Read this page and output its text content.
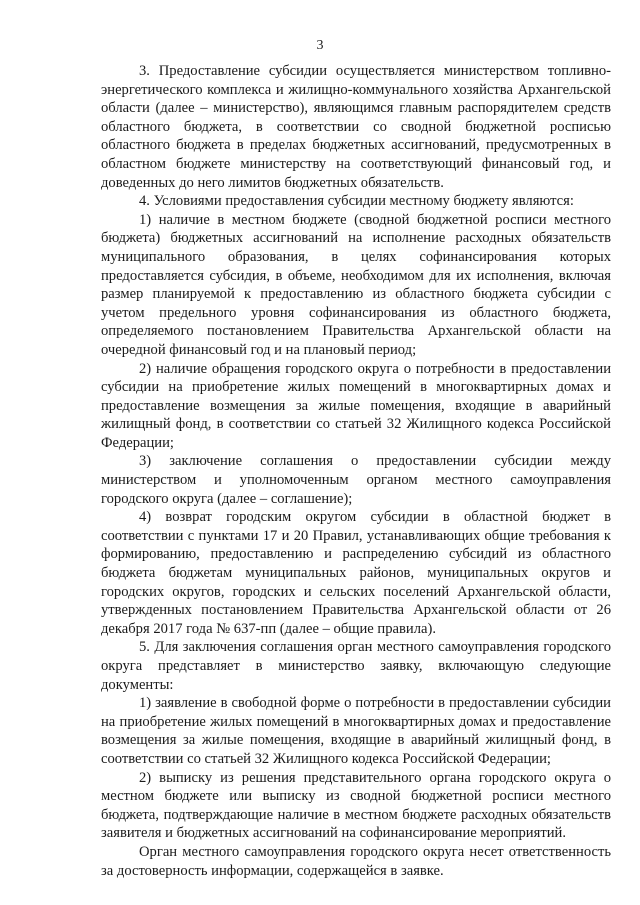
3

3. Предоставление субсидии осуществляется министерством топливно-энергетического комплекса и жилищно-коммунального хозяйства Архангельской области (далее – министерство), являющимся главным распорядителем средств областного бюджета, в соответствии со сводной бюджетной росписью областного бюджета в пределах бюджетных ассигнований, предусмотренных в областном бюджете министерству на соответствующий финансовый год, и доведенных до него лимитов бюджетных обязательств.

4. Условиями предоставления субсидии местному бюджету являются:

1) наличие в местном бюджете (сводной бюджетной росписи местного бюджета) бюджетных ассигнований на исполнение расходных обязательств муниципального образования, в целях софинансирования которых предоставляется субсидия, в объеме, необходимом для их исполнения, включая размер планируемой к предоставлению из областного бюджета субсидии с учетом предельного уровня софинансирования из областного бюджета, определяемого постановлением Правительства Архангельской области на очередной финансовый год и на плановый период;

2) наличие обращения городского округа о потребности в предоставлении субсидии на приобретение жилых помещений в многоквартирных домах и предоставление возмещения за жилые помещения, входящие в аварийный жилищный фонд, в соответствии со статьей 32 Жилищного кодекса Российской Федерации;

3) заключение соглашения о предоставлении субсидии между министерством и уполномоченным органом местного самоуправления городского округа (далее – соглашение);

4) возврат городским округом субсидии в областной бюджет в соответствии с пунктами 17 и 20 Правил, устанавливающих общие требования к формированию, предоставлению и распределению субсидий из областного бюджета бюджетам муниципальных районов, муниципальных округов и городских округов, городских и сельских поселений Архангельской области, утвержденных постановлением Правительства Архангельской области от 26 декабря 2017 года № 637-пп (далее – общие правила).

5. Для заключения соглашения орган местного самоуправления городского округа представляет в министерство заявку, включающую следующие документы:

1) заявление в свободной форме о потребности в предоставлении субсидии на приобретение жилых помещений в многоквартирных домах и предоставление возмещения за жилые помещения, входящие в аварийный жилищный фонд, в соответствии со статьей 32 Жилищного кодекса Российской Федерации;

2) выписку из решения представительного органа городского округа о местном бюджете или выписку из сводной бюджетной росписи местного бюджета, подтверждающие наличие в местном бюджете расходных обязательств заявителя и бюджетных ассигнований на софинансирование мероприятий.

Орган местного самоуправления городского округа несет ответственность за достоверность информации, содержащейся в заявке.
